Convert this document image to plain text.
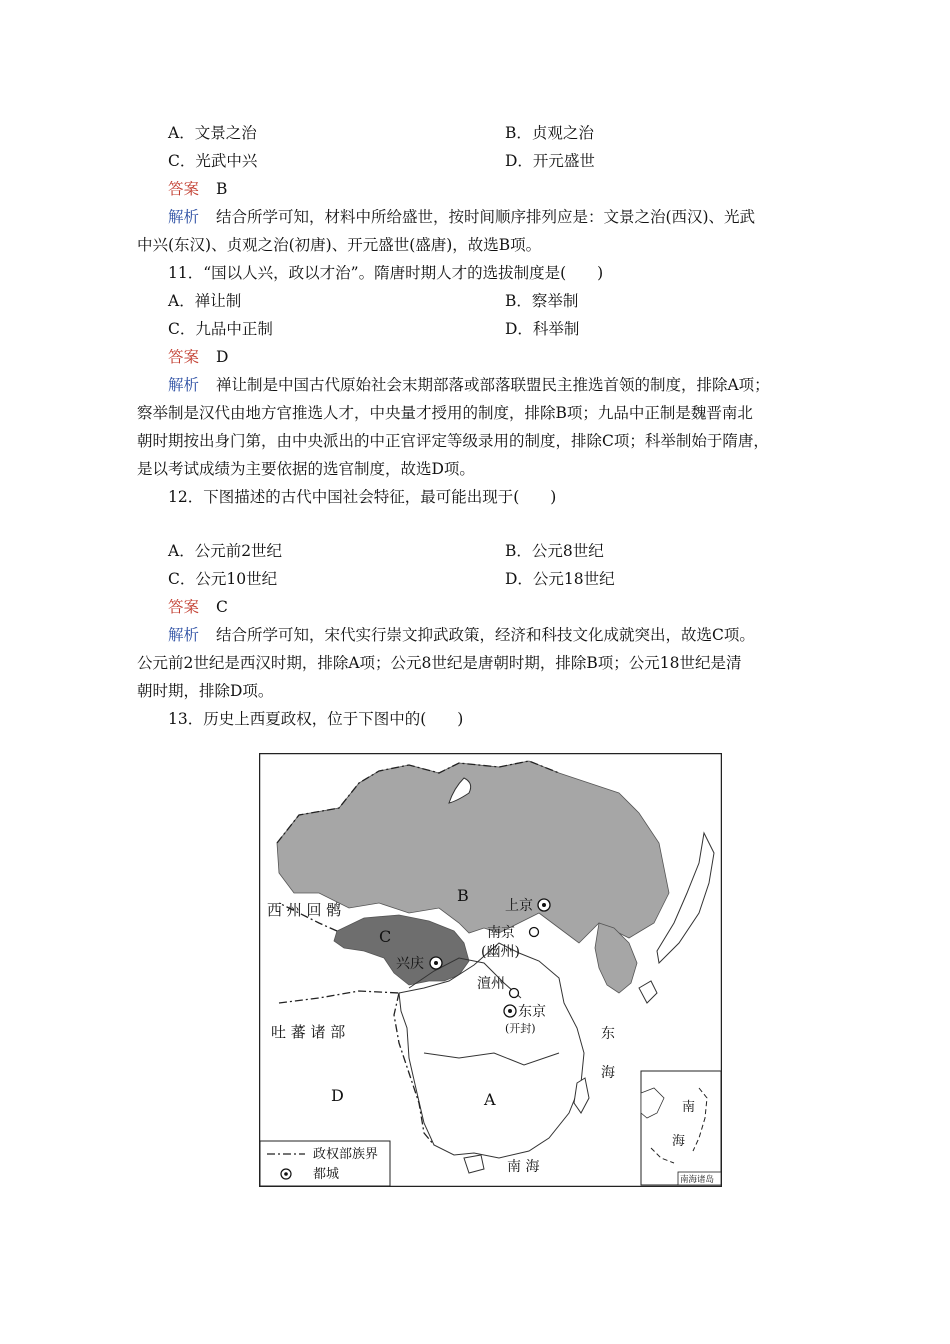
A．文景之治	B．贞观之治
C．光武中兴	D．开元盛世
答案 B
解析 结合所学可知，材料中所给盛世，按时间顺序排列应是：文景之治(西汉)、光武
中兴(东汉)、贞观之治(初唐)、开元盛世(盛唐)，故选B项。
11．“国以人兴，政以才治”。隋唐时期人才的选拔制度是(　　)
A．禅让制	B．察举制
C．九品中正制	D．科举制
答案 D
解析 禅让制是中国古代原始社会末期部落或部落联盟民主推选首领的制度，排除A项；
察举制是汉代由地方官推选人才，中央量才授用的制度，排除B项；九品中正制是魏晋南北
朝时期按出身门第，由中央派出的中正官评定等级录用的制度，排除C项；科举制始于隋唐，
是以考试成绩为主要依据的选官制度，故选D项。
12．下图描述的古代中国社会特征，最可能出现于(　　)
A．公元前2世纪	B．公元8世纪
C．公元10世纪	D．公元18世纪
答案 C
解析 结合所学可知，宋代实行崇文抑武政策，经济和科技文化成就突出，故选C项。
公元前2世纪是西汉时期，排除A项；公元8世纪是唐朝时期，排除B项；公元18世纪是清
朝时期，排除D项。
13．历史上西夏政权，位于下图中的(　　)
B
C
A
D
西 州 回 鹘
吐 蕃 诸 部
上京
南京
(幽州)
兴庆
澶州
东京
(开封)	东
海
南 海
政权部族界
都城
南
海
南海诸岛
